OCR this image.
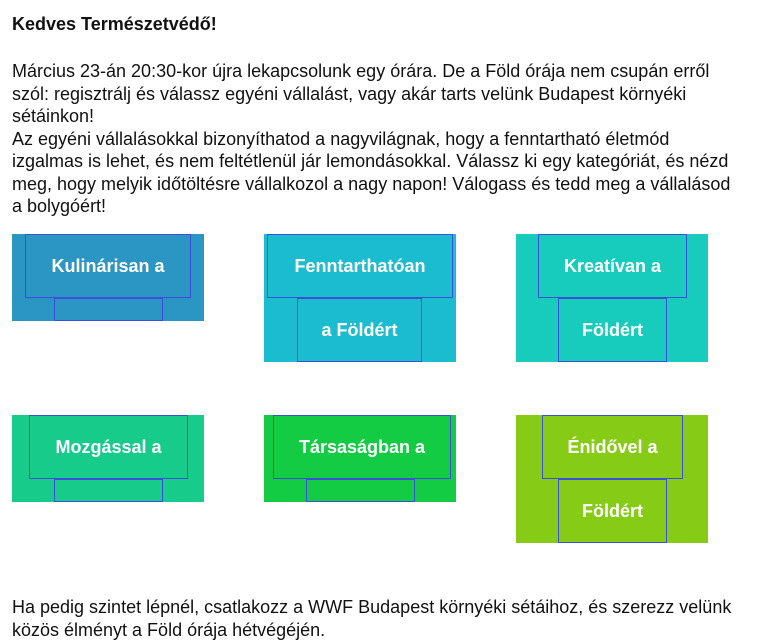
Kedves Természetvédő!

Március 23-án 20:30-kor újra lekapcsolunk egy órára. De a Föld órája nem csupán erről szól: regisztrálj és válassz egyéni vállalást, vagy akár tarts velünk Budapest környéki sétáinkon!

Az egyéni vállalásokkal bizonyíthatod a nagyvilágnak, hogy a fenntartható életmód izgalmas is lehet, és nem feltétlenül jár lemondásokkal. Válassz ki egy kategóriát, és nézd meg, hogy melyik időtöltésre vállalkozol a nagy napon! Válogass és tedd meg a vállalásod a bolygóért!

Kulinárisan a	Fenntarthatóan
a Földért
Kreatívan a
Földért
Mozgással a	Társaságban a	Énidővel a
Földért

Ha pedig szintet lépnél, csatlakozz a WWF Budapest környéki sétáihoz, és szerezz velünk közös élményt a Föld órája hétvégéjén.
